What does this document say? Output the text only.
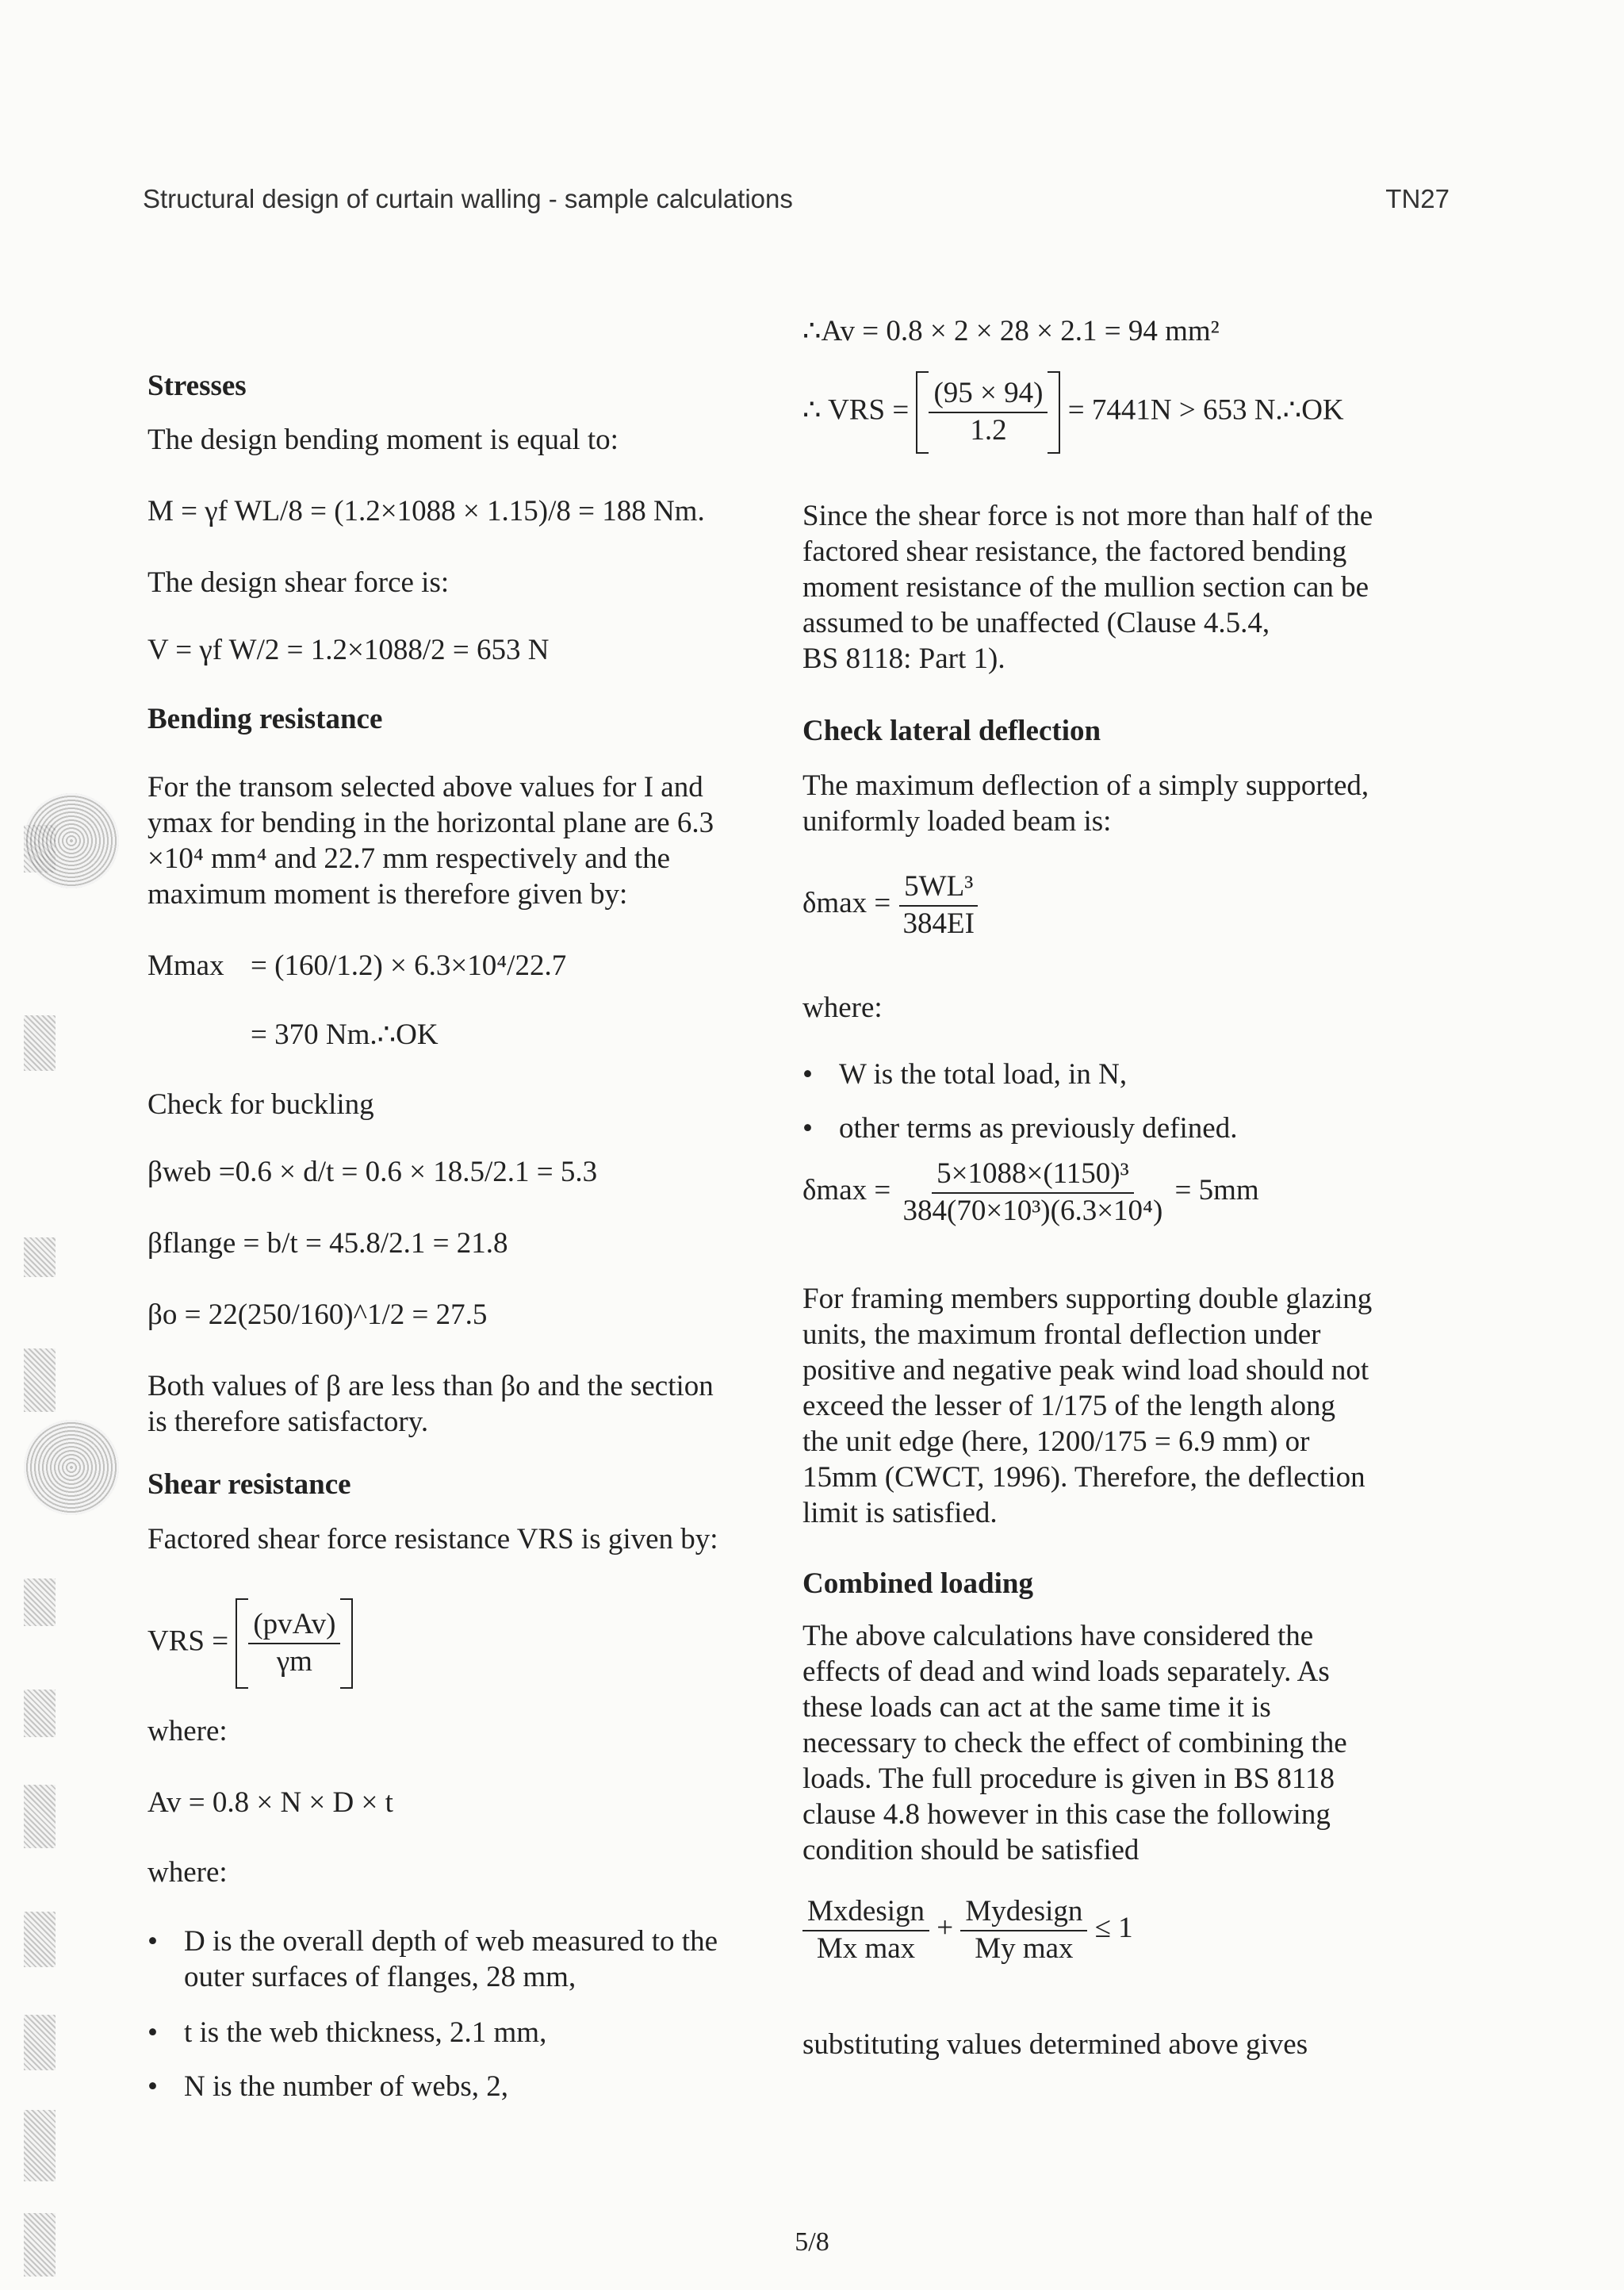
Structural design of curtain walling - sample calculations	TN27
Stresses
The design bending moment is equal to:
M = γf WL/8 = (1.2×1088 × 1.15)/8 = 188 Nm.
The design shear force is:
V = γf W/2 = 1.2×1088/2 = 653 N
Bending resistance
For the transom selected above values for I and
ymax for bending in the horizontal plane are 6.3
×10⁴ mm⁴ and 22.7 mm respectively and the
maximum moment is therefore given by:
Mmax = (160/1.2) × 6.3×10⁴/22.7
= 370 Nm.∴OK
Check for buckling
βweb =0.6 × d/t = 0.6 × 18.5/2.1 = 5.3
βflange = b/t = 45.8/2.1 = 21.8
βo = 22(250/160)^1/2 = 27.5
Both values of β are less than βo and the section
is therefore satisfactory.
Shear resistance
Factored shear force resistance VRS is given by:
VRS = $\frac{\text{(pvAv)}}{\gamma m}$
where:
Av = 0.8 × N × D × t
where:
• D is the overall depth of web measured to the
outer surfaces of flanges, 28 mm,
• t is the web thickness, 2.1 mm,
• N is the number of webs, 2,
∴Av = 0.8 × 2 × 28 × 2.1 = 94 mm²
∴ VRS = $\frac{(95 \times 94)}{1.2} = 7441N > 653$ N.∴OK
Since the shear force is not more than half of the
factored shear resistance, the factored bending
moment resistance of the mullion section can be
assumed to be unaffected (Clause 4.5.4,
BS 8118: Part 1).
Check lateral deflection
The maximum deflection of a simply supported,
uniformly loaded beam is:
$\delta\max = \frac{\text{5WL³}}{384EI}$
where:
• W is the total load, in N,
• other terms as previously defined.
$\delta\max = \frac{\text{5×1088×(1150)³}}{\text{384(70×10³)(6.3×10⁴)}} = 5mm$
For framing members supporting double glazing
units, the maximum frontal deflection under
positive and negative peak wind load should not
exceed the lesser of 1/175 of the length along
the unit edge (here, 1200/175 = 6.9 mm) or
15mm (CWCT, 1996). Therefore, the deflection
limit is satisfied.
Combined loading
The above calculations have considered the
effects of dead and wind loads separately. As
these loads can act at the same time it is
necessary to check the effect of combining the
loads. The full procedure is given in BS 8118
clause 4.8 however in this case the following
condition should be satisfied
$\frac{\text{Mxdesign}}{\text{Mx max}} + \frac{\text{Mydesign}}{\text{My max}} \le 1$
substituting values determined above gives
5/8
